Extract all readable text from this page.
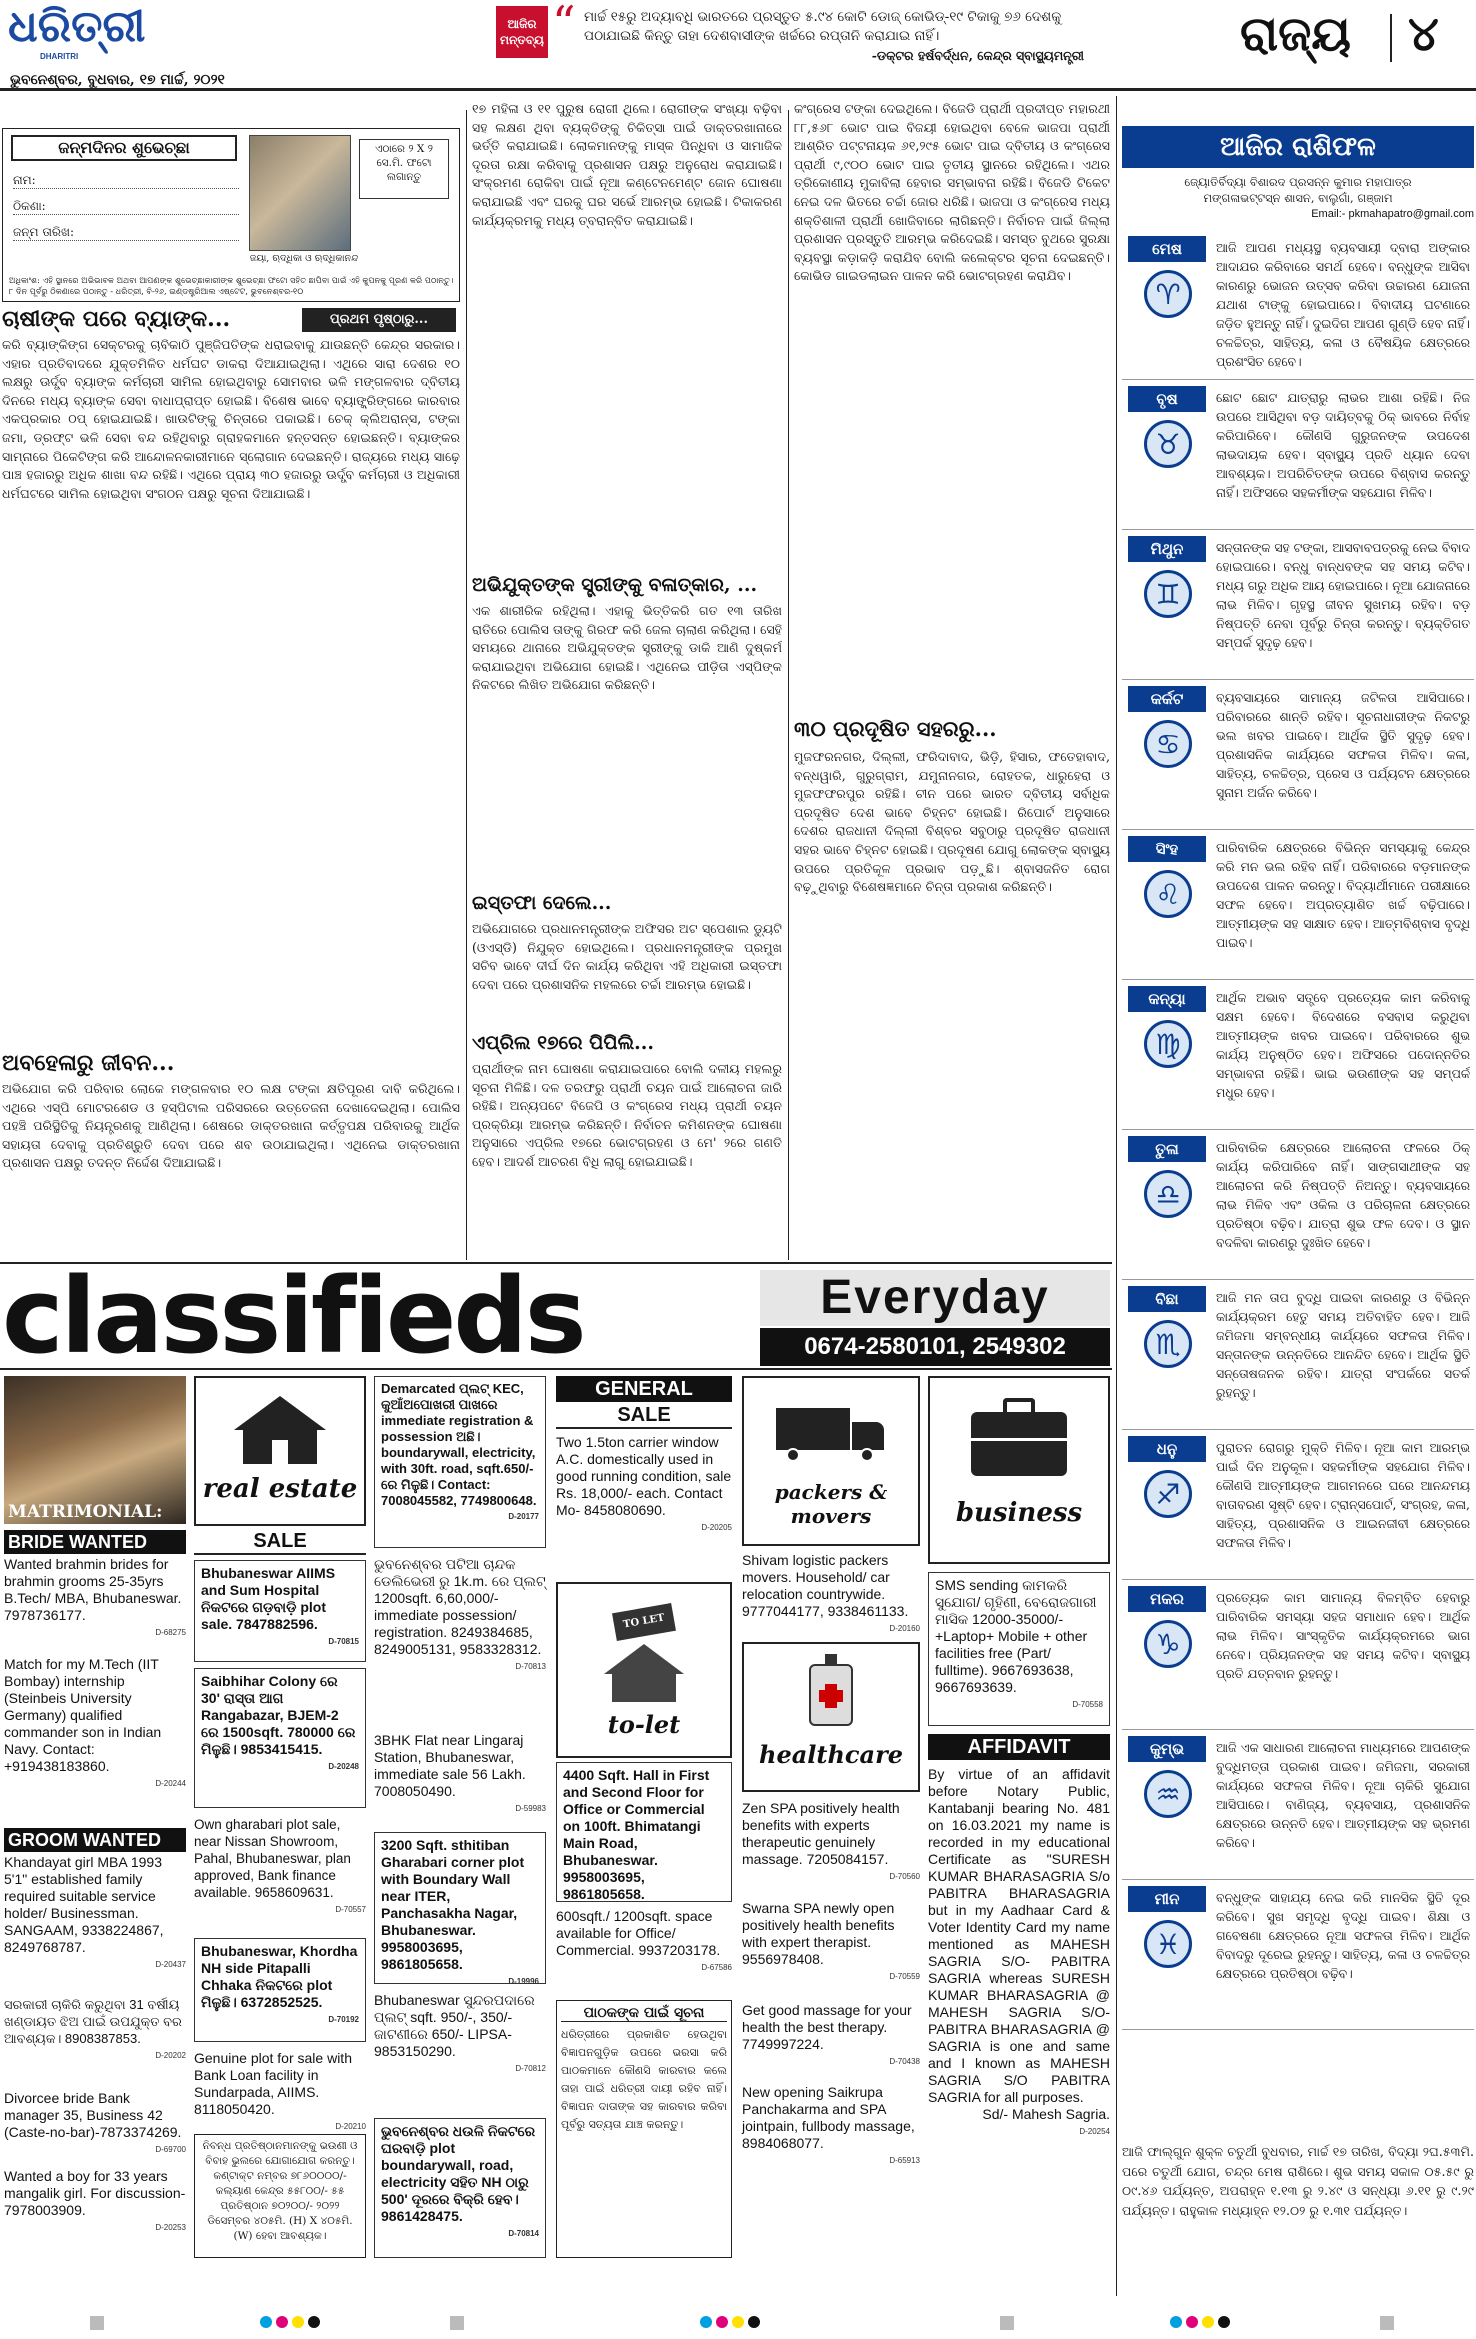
ଧରିତ୍ରୀ
DHARITRI
ଭୁବନେଶ୍ବର, ବୁଧବାର, ୧୭ ମାର୍ଚ୍ଚ, ୨୦୨୧
ଆଜିର
ମନ୍ତବ୍ୟ “ ମାର୍ଚ୍ଚ ୧୫ରୁ ଅଦ୍ୟାବଧି ଭାରତରେ ପ୍ରସ୍ତୁତ ୫.୯୪ କୋଟି ଡୋଜ୍ କୋଭିଡ୍-୧୯ ଟିକାକୁ ୭୬ ଦେଶକୁ ପଠାଯାଇଛି କିନ୍ତୁ ତାହା ଦେଶବାସୀଙ୍କ ଖର୍ଚ୍ଚରେ ରପ୍ତାନି କରାଯାଇ ନାହିଁ।
-ଡକ୍ଟର ହର୍ଷବର୍ଦ୍ଧନ, କେନ୍ଦ୍ର ସ୍ବାସ୍ଥ୍ୟମନ୍ତ୍ରୀ	ରାଜ୍ୟ ୪
ଜନ୍ମଦିନର ଶୁଭେଚ୍ଛା
ନାମ:
ଠିକଣା:
ଜନ୍ମ ତାରିଖ:
ଏଠାରେ ୨ X ୨ ସେ.ମି. ଫଟୋ ଲଗାନ୍ତୁ
ଜୟା, ଋଦ୍ଧିକା ଓ ଋଦ୍ଧିକାନନ୍ଦ
ଅଧିକାଂଶ: ଏହି ସ୍ଥାନରେ ଅଭିଭାବକ ଅଥବା ଆପଣଙ୍କ ଶୁଭେଚ୍ଛାକାରୀଙ୍କ ଶୁଭେଚ୍ଛା ଫଟୋ ସହିତ ଛାପିବା ପାଇଁ ଏହି କୁପନକୁ ପୂରଣ କରି ପଠାନ୍ତୁ। ୮ ଦିନ ପୂର୍ବରୁ ଠିକଣାରେ ପଠାନ୍ତୁ - ଧରିତ୍ରୀ, ବି-୨୬, ଇଣ୍ଡଷ୍ଟ୍ରିଆଲ ଏଷ୍ଟେଟ, ଭୁବନେଶ୍ବର-୧୦
ଚାଷୀଙ୍କ ପରେ ବ୍ୟାଙ୍କ...	ପ୍ରଥମ ପୃଷ୍ଠାରୁ...
କରି ବ୍ୟାଙ୍କିଙ୍ଗ ସେକ୍ଟରକୁ ଚାବିକାଠି ପୁଞ୍ଜିପତିଙ୍କ ଧରାଇବାକୁ ଯାଉଛନ୍ତି କେନ୍ଦ୍ର ସରକାର। ଏହାର ପ୍ରତିବାଦରେ ଯୁକ୍ତମିଳିତ ଧର୍ମଘଟ ଡାକରା ଦିଆଯାଇଥିଲା। ଏଥିରେ ସାରା ଦେଶର ୧୦ ଲକ୍ଷରୁ ଊର୍ଦ୍ଧ୍ବ ବ୍ୟାଙ୍କ କର୍ମଚାରୀ ସାମିଲ ହୋଇଥିବାରୁ ସୋମବାର ଭଳି ମଙ୍ଗଳବାର ଦ୍ବିତୀୟ ଦିନରେ ମଧ୍ୟ ବ୍ୟାଙ୍କ ସେବା ବାଧାପ୍ରାପ୍ତ ହୋଇଛି। ବିଶେଷ ଭାବେ ବ୍ୟାଙ୍କ୍ରିଙ୍ଗରେ କାରବାର ଏକପ୍ରକାର ଠପ୍ ହୋଇଯାଇଛି। ଖାଉଟିଙ୍କୁ ଚିନ୍ତାରେ ପକାଇଛି। ଚେକ୍ କ୍ଲିଅରାନ୍ସ, ଟଙ୍କା ଜମା, ଡ୍ରଫ୍ଟ ଭଳି ସେବା ବନ୍ଦ ରହିଥିବାରୁ ଗ୍ରାହକମାନେ ହନ୍ତସନ୍ତ ହୋଇଛନ୍ତି। ବ୍ୟାଙ୍କର ସାମ୍ନାରେ ପିକେଟିଙ୍ଗ କରି ଆନ୍ଦୋଳନକାରୀମାନେ ସ୍ଲୋଗାନ ଦେଇଛନ୍ତି। ରାଜ୍ୟରେ ମଧ୍ୟ ସାଢ଼େ ପାଞ୍ଚ ହଜାରରୁ ଅଧିକ ଶାଖା ବନ୍ଦ ରହିଛି। ଏଥିରେ ପ୍ରାୟ ୩୦ ହଜାରରୁ ଊର୍ଦ୍ଧ୍ବ କର୍ମଚାରୀ ଓ ଅଧିକାରୀ ଧର୍ମଘଟରେ ସାମିଲ ହୋଇଥିବା ସଂଗଠନ ପକ୍ଷରୁ ସୂଚନା ଦିଆଯାଇଛି।
ଅବହେଳାରୁ ଜୀବନ...
ଅଭିଯୋଗ କରି ପରିବାର ଲୋକେ ମଙ୍ଗଳବାର ୧୦ ଲକ୍ଷ ଟଙ୍କା କ୍ଷତିପୂରଣ ଦାବି କରିଥିଲେ। ଏଥିରେ ଏସ୍ପି ମୋଟରଶେଡ ଓ ହସ୍ପିଟାଲ ପରିସରରେ ଉତ୍ତେଜନା ଦେଖାଦେଇଥିଲା। ପୋଲିସ ପହଞ୍ଚି ପରିସ୍ଥିତିକୁ ନିୟନ୍ତ୍ରଣକୁ ଆଣିଥିଲା। ଶେଷରେ ଡାକ୍ତରଖାନା କର୍ତ୍ତୃପକ୍ଷ ପରିବାରକୁ ଆର୍ଥିକ ସହାୟତା ଦେବାକୁ ପ୍ରତିଶ୍ରୁତି ଦେବା ପରେ ଶବ ଉଠାଯାଇଥିଲା। ଏଥିନେଇ ଡାକ୍ତରଖାନା ପ୍ରଶାସନ ପକ୍ଷରୁ ତଦନ୍ତ ନିର୍ଦ୍ଦେଶ ଦିଆଯାଇଛି।
୧୭ ମହିଳା ଓ ୧୧ ପୁରୁଷ ରୋଗୀ ଥିଲେ। ରୋଗୀଙ୍କ ସଂଖ୍ୟା ବଢ଼ିବା ସହ ଲକ୍ଷଣ ଥିବା ବ୍ୟକ୍ତିଙ୍କୁ ଚିକିତ୍ସା ପାଇଁ ଡାକ୍ତରଖାନାରେ ଭର୍ତ୍ତି କରାଯାଇଛି। ଲୋକମାନଙ୍କୁ ମାସ୍କ ପିନ୍ଧିବା ଓ ସାମାଜିକ ଦୂରତା ରକ୍ଷା କରିବାକୁ ପ୍ରଶାସନ ପକ୍ଷରୁ ଅନୁରୋଧ କରାଯାଇଛି। ସଂକ୍ରମଣ ରୋକିବା ପାଇଁ ନୂଆ କଣ୍ଟେନମେଣ୍ଟ ଜୋନ ଘୋଷଣା କରାଯାଇଛି ଏବଂ ଘରକୁ ଘର ସର୍ଭେ ଆରମ୍ଭ ହୋଇଛି। ଟିକାକରଣ କାର୍ଯ୍ୟକ୍ରମକୁ ମଧ୍ୟ ତ୍ବରାନ୍ବିତ କରାଯାଇଛି।
ଅଭିଯୁକ୍ତଙ୍କ ସ୍ତ୍ରୀଙ୍କୁ ବଳାତ୍କାର, ...
ଏକ ଶାରୀରିକ ରହିଥିଲା। ଏହାକୁ ଭିତ୍ତିକରି ଗତ ୧୩ ତାରିଖ ରାତିରେ ପୋଲିସ ତାଙ୍କୁ ଗିରଫ କରି ଜେଲ ଚାଲାଣ କରିଥିଲା। ସେହି ସମୟରେ ଥାନାରେ ଅଭିଯୁକ୍ତଙ୍କ ସ୍ତ୍ରୀଙ୍କୁ ଡାକି ଆଣି ଦୁଷ୍କର୍ମ କରାଯାଇଥିବା ଅଭିଯୋଗ ହୋଇଛି। ଏଥିନେଇ ପୀଡ଼ିତା ଏସ୍ପିଙ୍କ ନିକଟରେ ଲିଖିତ ଅଭିଯୋଗ କରିଛନ୍ତି।
ଇସ୍ତଫା ଦେଲେ...
ଅଭିଯୋଗରେ ପ୍ରଧାନମନ୍ତ୍ରୀଙ୍କ ଅଫିସର ଅଟ ସ୍ପେଶାଲ ଡ୍ୟୁଟି (ଓଏସ୍ଡି) ନିଯୁକ୍ତ ହୋଇଥିଲେ। ପ୍ରଧାନମନ୍ତ୍ରୀଙ୍କ ପ୍ରମୁଖ ସଚିବ ଭାବେ ଦୀର୍ଘ ଦିନ କାର୍ଯ୍ୟ କରିଥିବା ଏହି ଅଧିକାରୀ ଇସ୍ତଫା ଦେବା ପରେ ପ୍ରଶାସନିକ ମହଲରେ ଚର୍ଚ୍ଚା ଆରମ୍ଭ ହୋଇଛି।
ଏପ୍ରିଲ ୧୭ରେ ପିପିଲି...
ପ୍ରାର୍ଥୀଙ୍କ ନାମ ଘୋଷଣା କରାଯାଇପାରେ ବୋଲି ଦଳୀୟ ମହଲରୁ ସୂଚନା ମିଳିଛି। ଦଳ ତରଫରୁ ପ୍ରାର୍ଥୀ ଚୟନ ପାଇଁ ଆଲୋଚନା ଜାରି ରହିଛି। ଅନ୍ୟପଟେ ବିଜେପି ଓ କଂଗ୍ରେସ ମଧ୍ୟ ପ୍ରାର୍ଥୀ ଚୟନ ପ୍ରକ୍ରିୟା ଆରମ୍ଭ କରିଛନ୍ତି। ନିର୍ବାଚନ କମିଶନଙ୍କ ଘୋଷଣା ଅନୁସାରେ ଏପ୍ରିଲ ୧୭ରେ ଭୋଟଗ୍ରହଣ ଓ ମେ' ୨ରେ ଗଣତି ହେବ। ଆଦର୍ଶ ଆଚରଣ ବିଧି ଲାଗୁ ହୋଇଯାଇଛି।
କଂଗ୍ରେସ ଟଙ୍କା ଦେଇଥିଲେ। ବିଜେଡି ପ୍ରାର୍ଥୀ ପ୍ରଦୀପ୍ତ ମହାରଥୀ ୮୮,୫୬୮ ଭୋଟ ପାଇ ବିଜୟୀ ହୋଇଥିବା ବେଳେ ଭାଜପା ପ୍ରାର୍ଥୀ ଆଶ୍ରିତ ପଟ୍ଟନାୟକ ୬୧,୨୯୫ ଭୋଟ ପାଇ ଦ୍ବିତୀୟ ଓ କଂଗ୍ରେସ ପ୍ରାର୍ଥୀ ୯,୯୦୦ ଭୋଟ ପାଇ ତୃତୀୟ ସ୍ଥାନରେ ରହିଥିଲେ। ଏଥର ତ୍ରିକୋଣୀୟ ମୁକାବିଲା ହେବାର ସମ୍ଭାବନା ରହିଛି। ବିଜେଡି ଟିକେଟ ନେଇ ଦଳ ଭିତରେ ଚର୍ଚ୍ଚା ଜୋର ଧରିଛି। ଭାଜପା ଓ କଂଗ୍ରେସ ମଧ୍ୟ ଶକ୍ତିଶାଳୀ ପ୍ରାର୍ଥୀ ଖୋଜିବାରେ ଲାଗିଛନ୍ତି। ନିର୍ବାଚନ ପାଇଁ ଜିଲ୍ଲା ପ୍ରଶାସନ ପ୍ରସ୍ତୁତି ଆରମ୍ଭ କରିଦେଇଛି। ସମସ୍ତ ବୁଥରେ ସୁରକ୍ଷା ବ୍ୟବସ୍ଥା କଡ଼ାକଡ଼ି କରାଯିବ ବୋଲି କଲେକ୍ଟର ସୂଚନା ଦେଇଛନ୍ତି। କୋଭିଡ ଗାଇଡଲାଇନ ପାଳନ କରି ଭୋଟଗ୍ରହଣ କରାଯିବ।
୩୦ ପ୍ରଦୂଷିତ ସହରରୁ...
ମୁଜଫରନଗର, ଦିଲ୍ଲୀ, ଫରିଦାବାଦ, ଭିଡ଼ି, ହିସାର, ଫତେହାବାଦ, ବନ୍ଧୱାରି, ଗୁରୁଗ୍ରାମ, ଯମୁନାନଗର, ରୋହତକ, ଧାରୁହେରା ଓ ମୁଜଫଫରପୁର ରହିଛି। ଚୀନ ପରେ ଭାରତ ଦ୍ବିତୀୟ ସର୍ବାଧିକ ପ୍ରଦୂଷିତ ଦେଶ ଭାବେ ଚିହ୍ନଟ ହୋଇଛି। ରିପୋର୍ଟ ଅନୁସାରେ ଦେଶର ରାଜଧାନୀ ଦିଲ୍ଲୀ ବିଶ୍ବର ସବୁଠାରୁ ପ୍ରଦୂଷିତ ରାଜଧାନୀ ସହର ଭାବେ ଚିହ୍ନଟ ହୋଇଛି। ପ୍ରଦୂଷଣ ଯୋଗୁ ଲୋକଙ୍କ ସ୍ବାସ୍ଥ୍ୟ ଉପରେ ପ୍ରତିକୂଳ ପ୍ରଭାବ ପଡ଼ୁଛି। ଶ୍ବାସଜନିତ ରୋଗ ବଢ଼ୁଥିବାରୁ ବିଶେଷଜ୍ଞମାନେ ଚିନ୍ତା ପ୍ରକାଶ କରିଛନ୍ତି।
ଆଜିର ରାଶିଫଳ
ଜ୍ୟୋତିର୍ବିଦ୍ୟା ବିଶାରଦ ପ୍ରସନ୍ନ କୁମାର ମହାପାତ୍ର
ମଙ୍ଗଳାଭଟ୍ଟସ୍ନ ଶାସନ, ବାଲୁଗାଁ, ଗଞ୍ଜାମ
Email:- pkmahapatro@gmail.com
ମେଷ
♈
ଆଜି ଆପଣ ମଧ୍ୟସ୍ଥ ବ୍ୟବସାୟୀ ଦ୍ବାରା ଅଙ୍କାର ଆଦାଯର କରିବାରେ ସମର୍ଥ ହେବେ। ବନ୍ଧୁଙ୍କ ଆସିବା କାରଣରୁ ଭୋଜନ ଉତ୍ସବ କରିବା ଉଚ୍ଚାରଣ ଯୋଜନା ଯଥାଶ ଟାଙ୍କୁ ହୋଇପାରେ। ବିବାଦୀୟ ଘଟଣାରେ ଜଡ଼ିତ ହୁଅନ୍ତୁ ନାହିଁ। ଦୁଇଦିଗ ଆପଣ ଗୁଣ୍ଡି ହେବ ନାହିଁ। ଚଳଚ୍ଚିତ୍ର, ସାହିତ୍ୟ, କଳା ଓ ବୈଷୟିକ କ୍ଷେତ୍ରରେ ପ୍ରଶଂସିତ ହେବେ।
ବୃଷ
♉
ଛୋଟ ଛୋଟ ଯାତ୍ରାରୁ ଲାଭର ଆଶା ରହିଛି। ନିଜ ଉପରେ ଆସିଥିବା ବଡ଼ ଦାୟିତ୍ବକୁ ଠିକ୍ ଭାବରେ ନିର୍ବାହ କରିପାରିବେ। କୌଣସି ଗୁରୁଜନଙ୍କ ଉପଦେଶ ଲାଭଦାୟକ ହେବ। ସ୍ବାସ୍ଥ୍ୟ ପ୍ରତି ଧ୍ୟାନ ଦେବା ଆବଶ୍ୟକ। ଅପରିଚିତଙ୍କ ଉପରେ ବିଶ୍ବାସ କରନ୍ତୁ ନାହିଁ। ଅଫିସରେ ସହକର୍ମୀଙ୍କ ସହଯୋଗ ମିଳିବ।
ମିଥୁନ
♊
ସନ୍ତାନଙ୍କ ସହ ଟଙ୍କା, ଆସବାବପତ୍ରକୁ ନେଇ ବିବାଦ ହୋଇପାରେ। ବନ୍ଧୁ ବାନ୍ଧବଙ୍କ ସହ ସମୟ କଟିବ। ମଧ୍ୟ ଗରୁ ଅଧିକ ଆୟ ହୋଇପାରେ। ନୂଆ ଯୋଜନାରେ ଲାଭ ମିଳିବ। ଗୃହସ୍ଥ ଜୀବନ ସୁଖମୟ ରହିବ। ବଡ଼ ନିଷ୍ପତ୍ତି ନେବା ପୂର୍ବରୁ ଚିନ୍ତା କରନ୍ତୁ। ବ୍ୟକ୍ତିଗତ ସମ୍ପର୍କ ସୁଦୃଢ଼ ହେବ।
କର୍କଟ
♋
ବ୍ୟବସାୟରେ ସାମାନ୍ୟ ଜଟିଳତା ଆସିପାରେ। ପରିବାରରେ ଶାନ୍ତି ରହିବ। ସୂଚନାଧାରୀଙ୍କ ନିକଟରୁ ଭଲ ଖବର ପାଇବେ। ଆର୍ଥିକ ସ୍ଥିତି ସୁଦୃଢ଼ ହେବ। ପ୍ରଶାସନିକ କାର୍ଯ୍ୟରେ ସଫଳତା ମିଳିବ। କଳା, ସାହିତ୍ୟ, ଚଳଚ୍ଚିତ୍ର, ପ୍ରେସ ଓ ପର୍ଯ୍ୟଟନ କ୍ଷେତ୍ରରେ ସୁନାମ ଅର୍ଜନ କରିବେ।
ସିଂହ
♌
ପାରିବାରିକ କ୍ଷେତ୍ରରେ ବିଭିନ୍ନ ସମସ୍ୟାକୁ କେନ୍ଦ୍ର କରି ମନ ଭଲ ରହିବ ନାହିଁ। ପରିବାରରେ ବଡ଼ମାନଙ୍କ ଉପଦେଶ ପାଳନ କରନ୍ତୁ। ବିଦ୍ୟାର୍ଥୀମାନେ ପରୀକ୍ଷାରେ ସଫଳ ହେବେ। ଅପ୍ରତ୍ୟାଶିତ ଖର୍ଚ୍ଚ ବଢ଼ିପାରେ। ଆତ୍ମୀୟଙ୍କ ସହ ସାକ୍ଷାତ ହେବ। ଆତ୍ମବିଶ୍ବାସ ବୃଦ୍ଧି ପାଇବ।
କନ୍ୟା
♍
ଆର୍ଥିକ ଅଭାବ ସତ୍ତ୍ବେ ପ୍ରତ୍ୟେକ କାମ କରିବାକୁ ସକ୍ଷମ ହେବେ। ବିଦେଶରେ ବସବାସ କରୁଥିବା ଆତ୍ମୀୟଙ୍କ ଖବର ପାଇବେ। ପରିବାରରେ ଶୁଭ କାର୍ଯ୍ୟ ଅନୁଷ୍ଠିତ ହେବ। ଅଫିସରେ ପଦୋନ୍ନତିର ସମ୍ଭାବନା ରହିଛି। ଭାଇ ଭଉଣୀଙ୍କ ସହ ସମ୍ପର୍କ ମଧୁର ହେବ।
ତୁଳା
♎
ପାରିବାରିକ କ୍ଷେତ୍ରରେ ଆଲୋଚନା ଫଳରେ ଠିକ୍ କାର୍ଯ୍ୟ କରିପାରିବେ ନାହିଁ। ସାଙ୍ଗସାଥୀଙ୍କ ସହ ଆଲୋଚନା କରି ନିଷ୍ପତ୍ତି ନିଅନ୍ତୁ। ବ୍ୟବସାୟରେ ଲାଭ ମିଳିବ ଏବଂ ଓକିଲ ଓ ପରିଚାଳନା କ୍ଷେତ୍ରରେ ପ୍ରତିଷ୍ଠା ବଢ଼ିବ। ଯାତ୍ରା ଶୁଭ ଫଳ ଦେବ। ଓ ସ୍ଥାନ ବଦଳିବା କାରଣରୁ ଦୁଃଖିତ ହେବେ।
ବିଛା
♏
ଆଜି ମନ ତାପ ବୁଦ୍ଧି ପାଇବା କାରଣରୁ ଓ ବିଭିନ୍ନ କାର୍ଯ୍ୟକ୍ରମ ହେତୁ ସମୟ ଅତିବାହିତ ହେବ। ଆଜି ଜମିଜମା ସମ୍ବନ୍ଧୀୟ କାର୍ଯ୍ୟରେ ସଫଳତା ମିଳିବ। ସନ୍ତାନଙ୍କ ଉନ୍ନତିରେ ଆନନ୍ଦିତ ହେବେ। ଆର୍ଥିକ ସ୍ଥିତି ସନ୍ତୋଷଜନକ ରହିବ। ଯାତ୍ରା ସଂପର୍କରେ ସତର୍କ ରୁହନ୍ତୁ।
ଧନୁ
♐
ପୁରାତନ ରୋଗରୁ ମୁକ୍ତି ମିଳିବ। ନୂଆ କାମ ଆରମ୍ଭ ପାଇଁ ଦିନ ଅନୁକୂଳ। ସହକର୍ମୀଙ୍କ ସହଯୋଗ ମିଳିବ। କୌଣସି ଆତ୍ମୀୟଙ୍କ ଆଗମନରେ ଘରେ ଆନନ୍ଦମୟ ବାତାବରଣ ସୃଷ୍ଟି ହେବ। ଟ୍ରାନ୍ସପୋର୍ଟ, ସଂଗ୍ରହ, କଳା, ସାହିତ୍ୟ, ପ୍ରଶାସନିକ ଓ ଆଇନଜୀବୀ କ୍ଷେତ୍ରରେ ସଫଳତା ମିଳିବ।
ମକର
♑
ପ୍ରତ୍ୟେକ କାମ ସାମାନ୍ୟ ବିଳମ୍ବିତ ହେବାରୁ ପାରିବାରିକ ସମସ୍ୟା ସହଜ ସମାଧାନ ହେବ। ଆର୍ଥିକ ଲାଭ ମିଳିବ। ସାଂସ୍କୃତିକ କାର୍ଯ୍ୟକ୍ରମରେ ଭାଗ ନେବେ। ପ୍ରିୟଜନଙ୍କ ସହ ସମୟ କଟିବ। ସ୍ବାସ୍ଥ୍ୟ ପ୍ରତି ଯତ୍ନବାନ ରୁହନ୍ତୁ।
କୁମ୍ଭ
♒
ଆଜି ଏକ ସାଧାରଣ ଆଲୋଚନା ମାଧ୍ୟମରେ ଆପଣଙ୍କ ବୁଦ୍ଧିମତ୍ତା ପ୍ରକାଶ ପାଇବ। ଜମିଜମା, ସରକାରୀ କାର୍ଯ୍ୟରେ ସଫଳତା ମିଳିବ। ନୂଆ ଚାକିରି ସୁଯୋଗ ଆସିପାରେ। ବାଣିଜ୍ୟ, ବ୍ୟବସାୟ, ପ୍ରଶାସନିକ କ୍ଷେତ୍ରରେ ଉନ୍ନତି ହେବ। ଆତ୍ମୀୟଙ୍କ ସହ ଭ୍ରମଣ କରିବେ।
ମୀନ
♓
ବନ୍ଧୁଙ୍କ ସାହାଯ୍ୟ ନେଇ କରି ମାନସିକ ସ୍ଥିତି ଦୂର କରିବେ। ସୁଖ ସମୃଦ୍ଧି ବୃଦ୍ଧି ପାଇବ। ଶିକ୍ଷା ଓ ଗବେଷଣା କ୍ଷେତ୍ରରେ ନୂଆ ସଫଳତା ମିଳିବ। ଆର୍ଥିକ ବିବାଦରୁ ଦୂରେଇ ରୁହନ୍ତୁ। ସାହିତ୍ୟ, କଳା ଓ ଚଳଚ୍ଚିତ୍ର କ୍ଷେତ୍ରରେ ପ୍ରତିଷ୍ଠା ବଢ଼ିବ।
ଆଜି ଫାଲ୍ଗୁନ ଶୁକ୍ଳ ଚତୁର୍ଥୀ ବୁଧବାର, ମାର୍ଚ୍ଚ ୧୭ ତାରିଖ, ବିଦ୍ୟା ୨ଘ.୫୩ମି. ପରେ ଚତୁର୍ଥୀ ଯୋଗ, ଚନ୍ଦ୍ର ମେଷ ରାଶିରେ। ଶୁଭ ସମୟ ସକାଳ ୦୫.୫୯ ରୁ ୦୯.୪୬ ପର୍ଯ୍ୟନ୍ତ, ଅପରାହ୍ନ ୧.୧୩ ରୁ ୨.୪୯ ଓ ସନ୍ଧ୍ୟା ୬.୧୧ ରୁ ୯.୨୯ ପର୍ଯ୍ୟନ୍ତ। ରାହୁକାଳ ମଧ୍ୟାହ୍ନ ୧୨.୦୨ ରୁ ୧.୩୧ ପର୍ଯ୍ୟନ୍ତ।
classifieds	Everyday
0674-2580101, 2549302
MATRIMONIAL:
BRIDE WANTED
Wanted brahmin brides for brahmin grooms 25-35yrs B.Tech/ MBA, Bhubaneswar. 7978736177.
D-68275
Match for my M.Tech (IIT Bombay) internship (Steinbeis University Germany) qualified commander son in Indian Navy. Contact: +919438183860.
D-20244
GROOM WANTED
Khandayat girl MBA 1993 5'1" established family required suitable service holder/ Businessman. SANGAAM, 9338224867, 8249768787.
D-20437
ସରକାରୀ ଚାକିରି କରୁଥିବା 31 ବର୍ଷୀୟ ଖଣ୍ଡାୟତ ଝିଅ ପାଇଁ ଉପଯୁକ୍ତ ବର ଆବଶ୍ୟକ। 8908387853.
D-20202
Divorcee bride Bank manager 35, Business 42 (Caste-no-bar)-7873374269.
D-69700
Wanted a boy for 33 years mangalik girl. For discussion- 7978003909.
D-20253
real estate
SALE
Bhubaneswar AIIMS and Sum Hospital ନିକଟରେ ଗଡ଼ବାଡ଼ି plot sale. 7847882596.
D-70815
Saibhihar Colony ରେ 30' ରାସ୍ତା ଆଗ Rangabazar, BJEM-2 ରେ 1500sqft. 780000 ରେ ମିଳୁଛି। 9853415415.
D-20248
Own gharabari plot sale, near Nissan Showroom, Pahal, Bhubaneswar, plan approved, Bank finance available. 9658609631.
D-70557
Bhubaneswar, Khordha NH side Pitapalli Chhaka ନିକଟରେ plot ମିଳୁଛି। 6372852525.
D-70192
Genuine plot for sale with Bank Loan facility in Sundarpada, AIIMS. 8118050420.
D-20210
ନିବନ୍ଧ ପ୍ରତିଷ୍ଠାନମାନଙ୍କୁ ଭଉଣୀ ଓ ବିବାହ ଭୁଲରେ ଯୋଗାଯୋଗ କରନ୍ତୁ। କଣ୍ଟାକ୍ଟ ନମ୍ବର ୭୮୬୦୦୦୦/- କଲ୍ୟାଣ କେନ୍ଦ୍ର ୫୫୮୦୦/- ୫୫ ପ୍ରତିଷ୍ଠାନ ୭୦୨୦୦/- ୨୦୨୨ ଡିସେମ୍ବର ୪୦୫ମି. (H) X ୪୦୫ମି. (W) ହେବା ଆବଶ୍ୟକ।
Demarcated ପ୍ଲଟ୍ KEC, କୁଆଁଅପୋଖରୀ ପାଖରେ immediate registration & possession ଅଛି। boundarywall, electricity, with 30ft. road, sqft.650/-ରେ ମିଳୁଛି। Contact: 7008045582, 7749800648.
D-20177
ଭୁବନେଶ୍ବର ପଟିଆ ଚାନ୍ଦକ ଡେଲିଭେରୀ ରୁ 1k.m. ରେ ପ୍ଲଟ୍ 1200sqft. 6,60,000/- immediate possession/ registration. 8249384685, 8249005131, 9583328312.
D-70813
3BHK Flat near Lingaraj Station, Bhubaneswar, immediate sale 56 Lakh. 7008050490.
D-59983
3200 Sqft. sthitiban Gharabari corner plot with Boundary Wall near ITER, Panchasakha Nagar, Bhubaneswar. 9958003695, 9861805658.
D-19996
Bhubaneswar ସୁନ୍ଦରପଦାରେ ପ୍ଲଟ୍ sqft. 950/-, 350/- ଜାଟଣୀରେ 650/- LIPSA- 9853150290.
D-70812
ଭୁବନେଶ୍ବର ଧଉଳି ନିକଟରେ ଘରବାଡ଼ି plot boundarywall, road, electricity ସହିତ NH ଠାରୁ 500' ଦୂରରେ ବିକ୍ରି ହେବ। 9861428475.
D-70814
GENERAL
SALE
Two 1.5ton carrier window A.C. domestically used in good running condition, sale Rs. 18,000/- each. Contact Mo- 8458080690.
D-20205
TO LET
to-let
4400 Sqft. Hall in First and Second Floor for Office or Commercial on 100ft. Bhimatangi Main Road, Bhubaneswar. 9958003695, 9861805658.
600sqft./ 1200sqft. space available for Office/ Commercial. 9937203178.
D-67586
ପାଠକଙ୍କ ପାଇଁ ସୂଚନା
ଧରିତ୍ରୀରେ ପ୍ରକାଶିତ ହେଉଥିବା ବିଜ୍ଞାପନଗୁଡ଼ିକ ଉପରେ ଭରସା କରି ପାଠକମାନେ କୌଣସି କାରବାର କଲେ ତାହା ପାଇଁ ଧରିତ୍ରୀ ଦାୟୀ ରହିବ ନାହିଁ। ବିଜ୍ଞାପନ ଦାତାଙ୍କ ସହ କାରବାର କରିବା ପୂର୍ବରୁ ସତ୍ୟତା ଯାଞ୍ଚ କରନ୍ତୁ।
packers & movers
Shivam logistic packers movers. Household/ car relocation countrywide. 9777044177, 9338461133.
D-20160
healthcare
Zen SPA positively health benefits with experts therapeutic genuinely massage. 7205084157.
D-70560
Swarna SPA newly open positively health benefits with expert therapist. 9556978408.
D-70559
Get good massage for your health the best therapy. 7749997224.
D-70438
New opening Saikrupa Panchakarma and SPA jointpain, fullbody massage, 8984068077.
D-65913
business
SMS sending କାମକରି ସୁଯୋଗ/ ଗୃହିଣୀ, ବେରୋଜଗାରୀ ମାସିକ 12000-35000/- +Laptop+ Mobile + other facilities free (Part/ fulltime). 9667693638, 9667693639.
D-70558
AFFIDAVIT
By virtue of an affidavit before Notary Public, Kantabanji bearing No. 481 on 16.03.2021 my name is recorded in my educational Certificate as "SURESH KUMAR BHARASAGRIA S/o PABITRA BHARASAGRIA but in my Aadhaar Card & Voter Identity Card my name mentioned as MAHESH SAGRIA S/O- PABITRA SAGRIA whereas SURESH KUMAR BHARASAGRIA @ MAHESH SAGRIA S/O- PABITRA BHARASAGRIA @ SAGRIA is one and same and I known as MAHESH SAGRIA S/O PABITRA SAGRIA for all purposes.
Sd/- Mahesh Sagria.
D-20254
